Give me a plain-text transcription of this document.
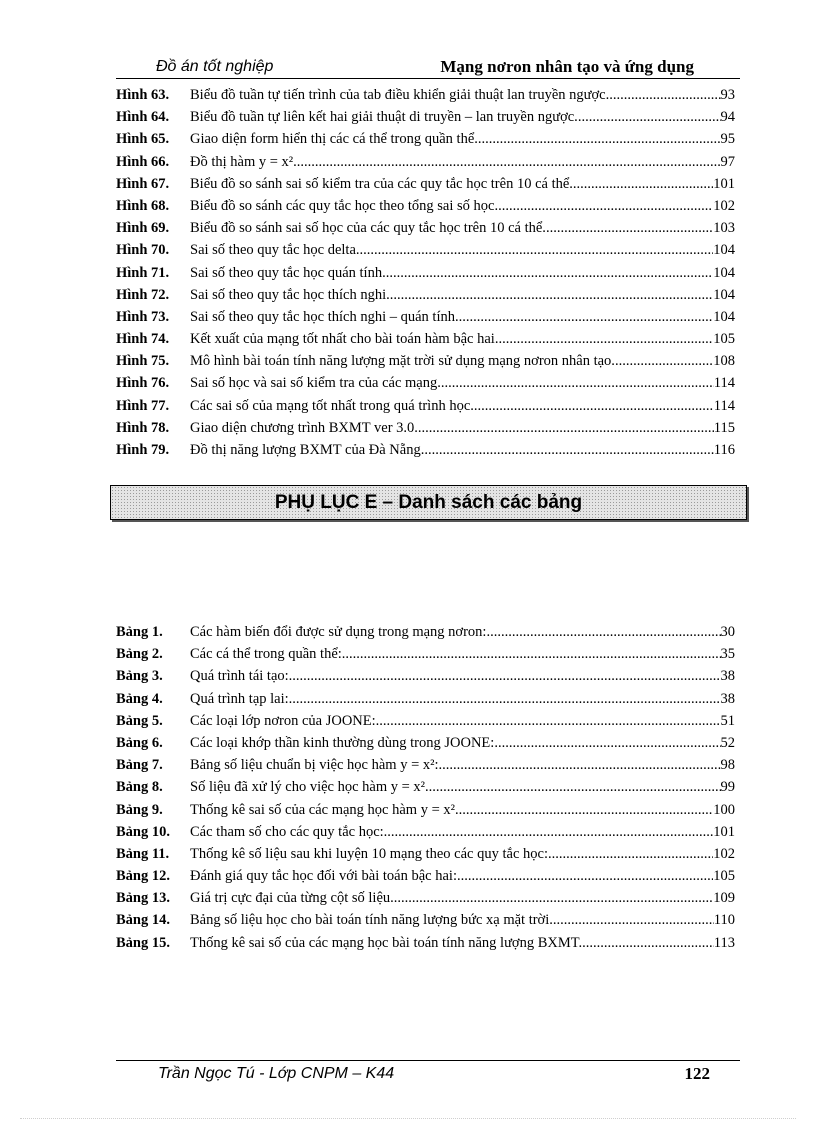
Đồ án tốt nghiệp	Mạng nơron nhân tạo và ứng dụng
Hình 63.	Biểu đồ tuần tự tiến trình của tab điều khiển giải thuật lan truyền ngược. .....	93
Hình 64.	Biểu đồ tuần tự liên kết hai giải thuật di truyền – lan truyền ngược. .....	94
Hình 65.	Giao diện form hiển thị các cá thể trong quần thể. .....	95
Hình 66.	Đồ thị hàm y = x² .....	97
Hình 67.	Biểu đồ so sánh sai số kiểm tra của các quy tắc học trên 10 cá thể. .....	101
Hình 68.	Biểu đồ so sánh các quy tắc học theo tổng sai số học .....	102
Hình 69.	Biểu đồ so sánh sai số học của các quy tắc học trên 10 cá thể. .....	103
Hình 70.	Sai số theo quy tắc học delta .....	104
Hình 71.	Sai số theo quy tắc học quán tính .....	104
Hình 72.	Sai số theo quy tắc học thích nghi .....	104
Hình 73.	Sai số theo quy tắc học thích nghi – quán tính .....	104
Hình 74.	Kết xuất của mạng tốt nhất cho bài toán hàm bậc hai .....	105
Hình 75.	Mô hình bài toán tính năng lượng mặt trời sử dụng mạng nơron nhân tạo. .....	108
Hình 76.	Sai số học và sai số kiểm tra của các mạng. .....	114
Hình 77.	Các sai số của mạng tốt nhất trong quá trình học. .....	114
Hình 78.	Giao diện chương trình BXMT ver 3.0. .....	115
Hình 79.	Đồ thị năng lượng BXMT của Đà Nẵng. .....	116
PHỤ LỤC E – Danh sách các bảng
Bảng 1.	Các hàm biến đổi được sử dụng trong mạng nơron: .....	30
Bảng 2.	Các cá thể trong quần thể: .....	35
Bảng 3.	Quá trình tái tạo: .....	38
Bảng 4.	Quá trình tạp lai: .....	38
Bảng 5.	Các loại lớp nơron của JOONE: .....	51
Bảng 6.	Các loại khớp thần kinh thường dùng trong JOONE: .....	52
Bảng 7.	Bảng số liệu chuẩn bị việc học hàm y = x²: .....	98
Bảng 8.	Số liệu đã xử lý cho việc học hàm y = x² .....	99
Bảng 9.	Thống kê sai số của các mạng học hàm y = x² .....	100
Bảng 10.	Các tham số cho các quy tắc học: .....	101
Bảng 11.	Thống kê số liệu sau khi luyện 10 mạng theo các quy tắc học: .....	102
Bảng 12.	Đánh giá quy tắc học đối với bài toán bậc hai: .....	105
Bảng 13.	Giá trị cực đại của từng cột số liệu .....	109
Bảng 14.	Bảng số liệu học cho bài toán tính năng lượng bức xạ mặt trời. .....	110
Bảng 15.	Thống kê sai số của các mạng học bài toán tính năng lượng BXMT. .....	113
Trần Ngọc Tú - Lớp CNPM – K44	122
